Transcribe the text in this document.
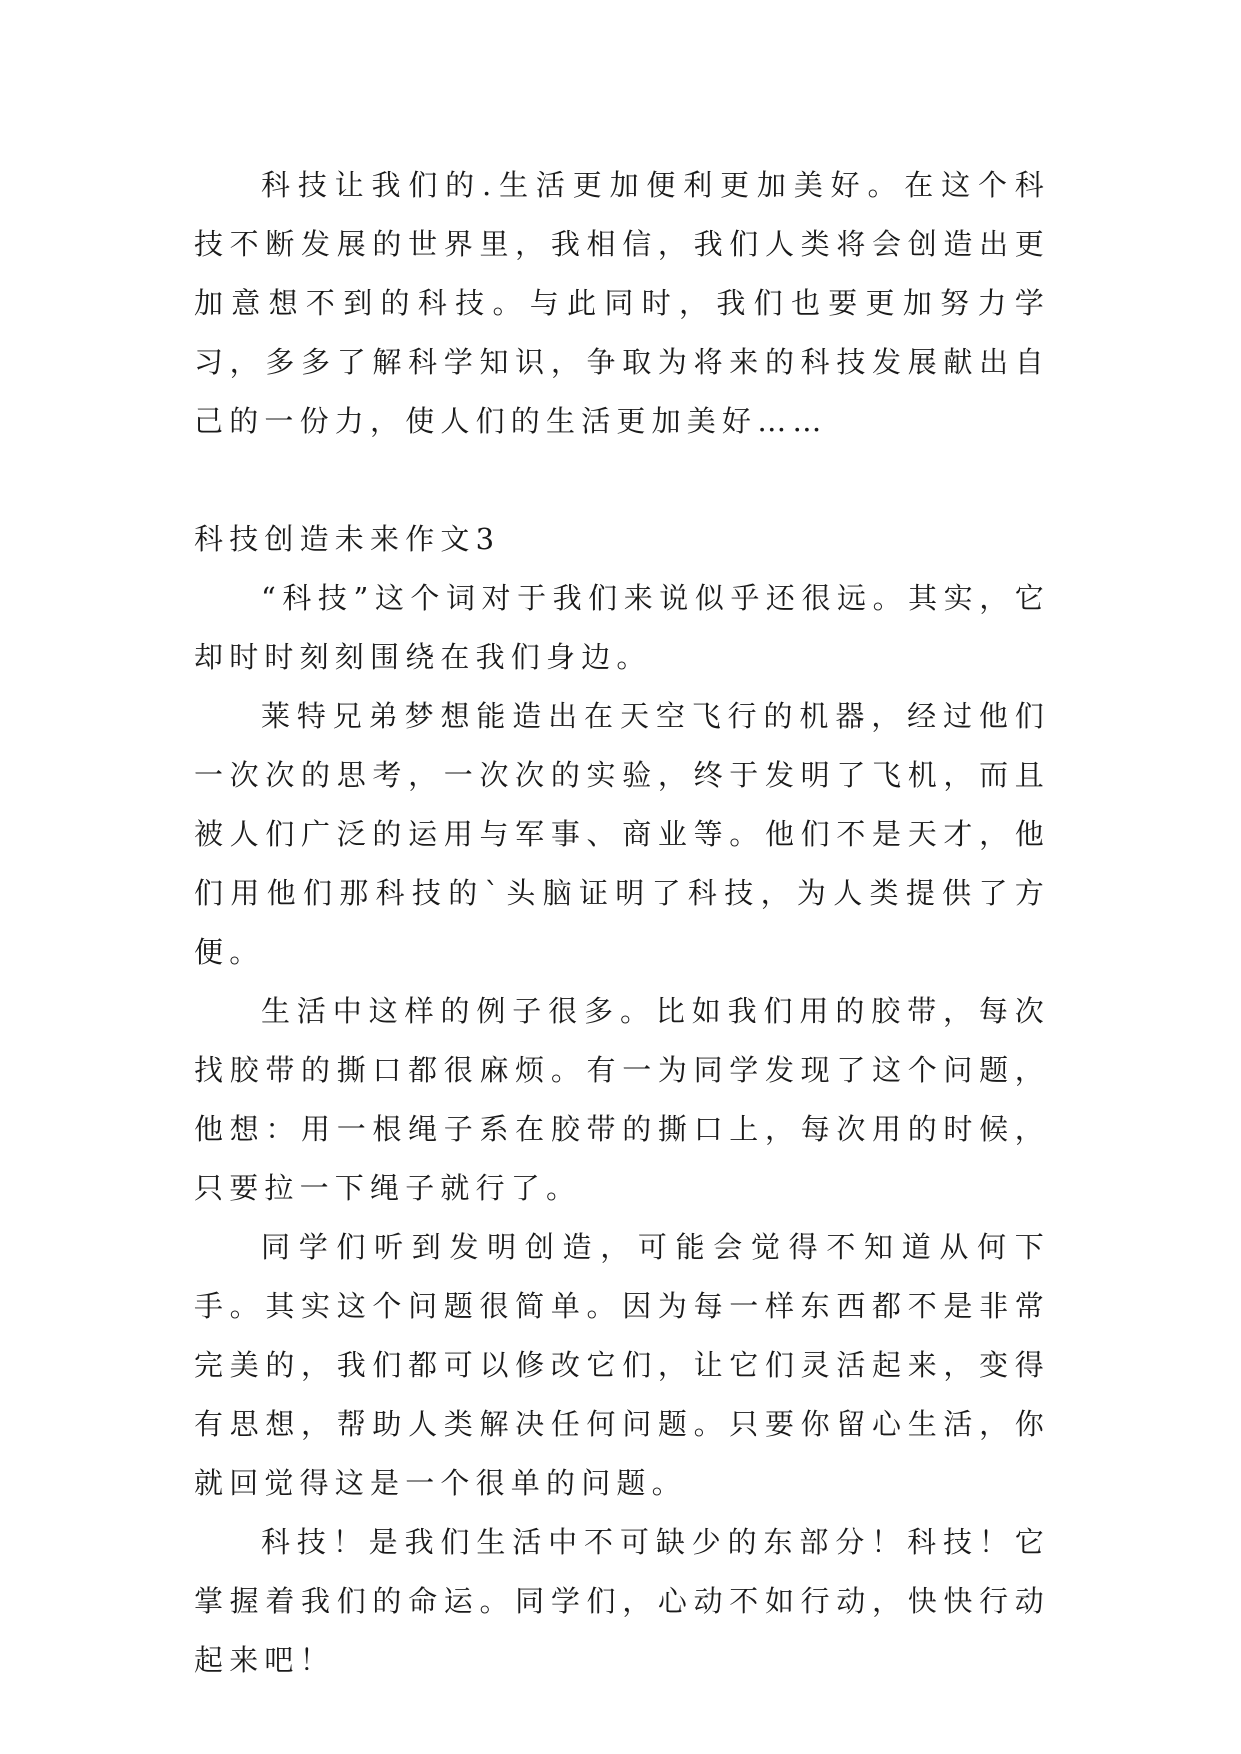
科技让我们的.生活更加便利更加美好。在这个科技不断发展的世界里，我相信，我们人类将会创造出更加意想不到的科技。与此同时，我们也要更加努力学习，多多了解科学知识，争取为将来的科技发展献出自己的一份力，使人们的生活更加美好……

科技创造未来作文3

“科技”这个词对于我们来说似乎还很远。其实，它却时时刻刻围绕在我们身边。

莱特兄弟梦想能造出在天空飞行的机器，经过他们一次次的思考，一次次的实验，终于发明了飞机，而且被人们广泛的运用与军事、商业等。他们不是天才，他们用他们那科技的`头脑证明了科技，为人类提供了方便。

生活中这样的例子很多。比如我们用的胶带，每次找胶带的撕口都很麻烦。有一为同学发现了这个问题，他想：用一根绳子系在胶带的撕口上，每次用的时候，只要拉一下绳子就行了。

同学们听到发明创造，可能会觉得不知道从何下手。其实这个问题很简单。因为每一样东西都不是非常完美的，我们都可以修改它们，让它们灵活起来，变得有思想，帮助人类解决任何问题。只要你留心生活，你就回觉得这是一个很单的问题。

科技！是我们生活中不可缺少的东部分！科技！它掌握着我们的命运。同学们，心动不如行动，快快行动起来吧！
